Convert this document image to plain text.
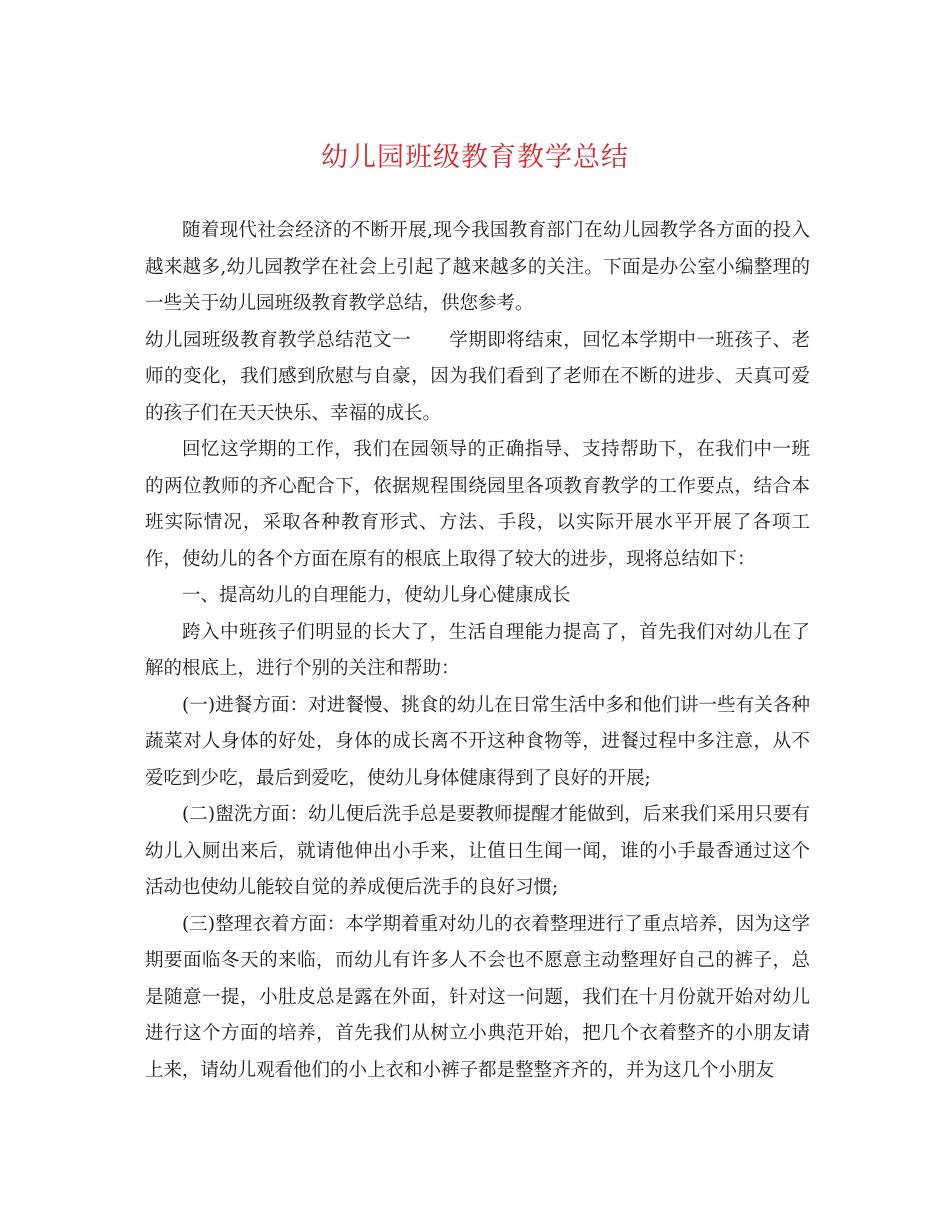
幼儿园班级教育教学总结

随着现代社会经济的不断开展,现今我国教育部门在幼儿园教学各方面的投入越来越多,幼儿园教学在社会上引起了越来越多的关注。下面是办公室小编整理的一些关于幼儿园班级教育教学总结，供您参考。

幼儿园班级教育教学总结范文一　　学期即将结束，回忆本学期中一班孩子、老师的变化，我们感到欣慰与自豪，因为我们看到了老师在不断的进步、天真可爱的孩子们在天天快乐、幸福的成长。

回忆这学期的工作，我们在园领导的正确指导、支持帮助下，在我们中一班的两位教师的齐心配合下，依据规程围绕园里各项教育教学的工作要点，结合本班实际情况，采取各种教育形式、方法、手段，以实际开展水平开展了各项工作，使幼儿的各个方面在原有的根底上取得了较大的进步，现将总结如下：

一、提高幼儿的自理能力，使幼儿身心健康成长

跨入中班孩子们明显的长大了，生活自理能力提高了，首先我们对幼儿在了解的根底上，进行个别的关注和帮助：

(一)进餐方面：对进餐慢、挑食的幼儿在日常生活中多和他们讲一些有关各种蔬菜对人身体的好处，身体的成长离不开这种食物等，进餐过程中多注意，从不爱吃到少吃，最后到爱吃，使幼儿身体健康得到了良好的开展;

(二)盥洗方面：幼儿便后洗手总是要教师提醒才能做到，后来我们采用只要有幼儿入厕出来后，就请他伸出小手来，让值日生闻一闻，谁的小手最香通过这个活动也使幼儿能较自觉的养成便后洗手的良好习惯;

(三)整理衣着方面：本学期着重对幼儿的衣着整理进行了重点培养，因为这学期要面临冬天的来临，而幼儿有许多人不会也不愿意主动整理好自己的裤子，总是随意一提，小肚皮总是露在外面，针对这一问题，我们在十月份就开始对幼儿进行这个方面的培养，首先我们从树立小典范开始，把几个衣着整齐的小朋友请上来，请幼儿观看他们的小上衣和小裤子都是整整齐齐的，并为这几个小朋友
